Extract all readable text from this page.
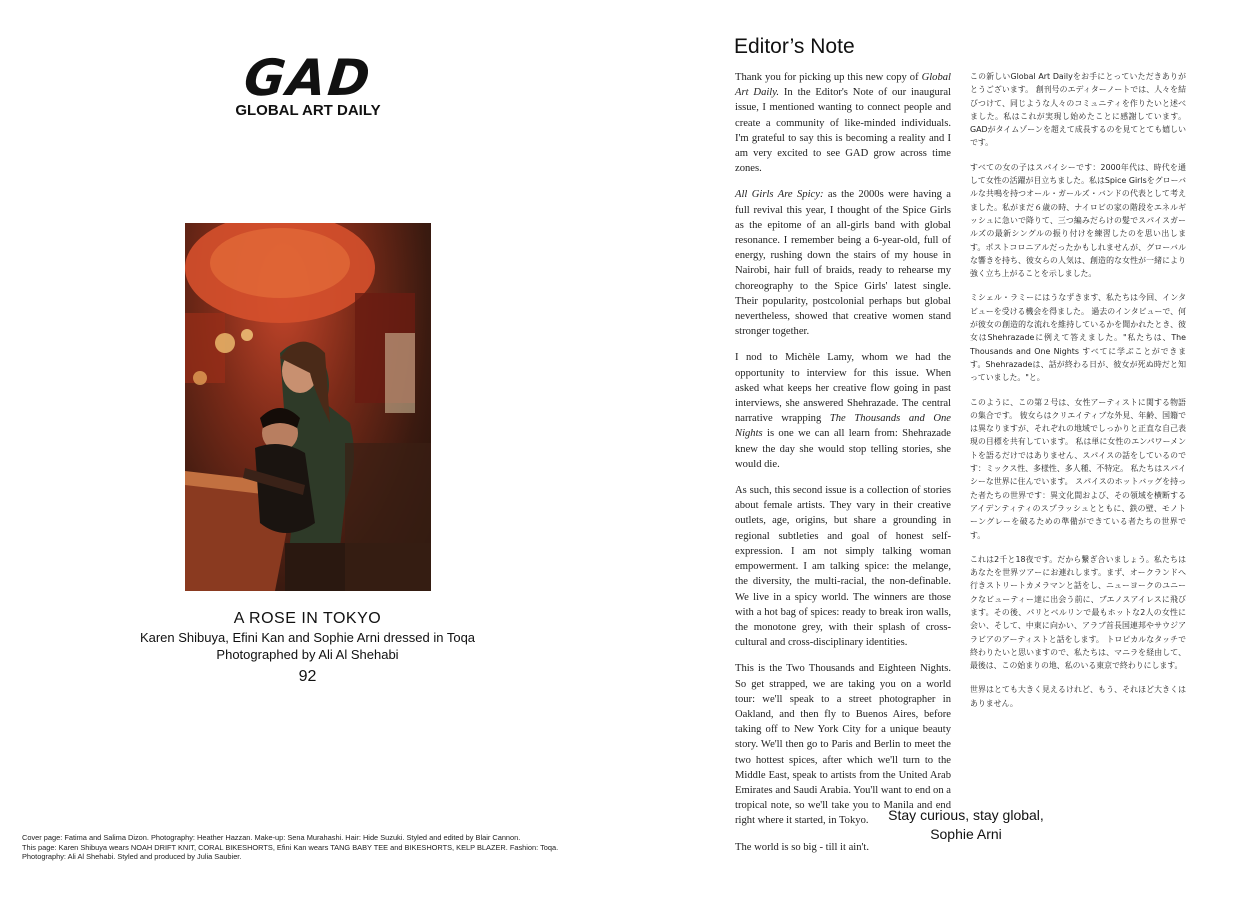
GAD
GLOBAL ART DAILY
A ROSE IN TOKYO
Karen Shibuya, Efini Kan and Sophie Arni dressed in Toqa
Photographed by Ali Al Shehabi
92
Cover page: Fatima and Salima Dizon. Photography: Heather Hazzan. Make-up: Sena Murahashi. Hair: Hide Suzuki. Styled and edited by Blair Cannon.
This page: Karen Shibuya wears NOAH DRIFT KNIT, CORAL BIKESHORTS, Efini Kan wears TANG BABY TEE and BIKESHORTS, KELP BLAZER. Fashion: Toqa. Photography: Ali Al Shehabi. Styled and produced by Julia Saubier.
Editor’s Note

Thank you for picking up this new copy of Global Art Daily. In the Editor's Note of our inaugural issue, I mentioned wanting to connect people and create a community of like-minded individuals. I'm grateful to say this is becoming a reality and I am very excited to see GAD grow across time zones.

All Girls Are Spicy: as the 2000s were having a full revival this year, I thought of the Spice Girls as the epitome of an all-girls band with global resonance. I remember being a 6-year-old, full of energy, rushing down the stairs of my house in Nairobi, hair full of braids, ready to rehearse my choreography to the Spice Girls' latest single. Their popularity, postcolonial perhaps but global nevertheless, showed that creative women stand stronger together.

I nod to Michèle Lamy, whom we had the opportunity to interview for this issue. When asked what keeps her creative flow going in past interviews, she answered Shehrazade. The central narrative wrapping The Thousands and One Nights is one we can all learn from: Shehrazade knew the day she would stop telling stories, she would die.

As such, this second issue is a collection of stories about female artists. They vary in their creative outlets, age, origins, but share a grounding in regional subtleties and goal of honest self-expression. I am not simply talking woman empowerment. I am talking spice: the melange, the diversity, the multi-racial, the non-definable. We live in a spicy world. The winners are those with a hot bag of spices: ready to break iron walls, the monotone grey, with their splash of cross-cultural and cross-disciplinary identities.

This is the Two Thousands and Eighteen Nights. So get strapped, we are taking you on a world tour: we'll speak to a street photographer in Oakland, and then fly to Buenos Aires, before taking off to New York City for a unique beauty story. We'll then go to Paris and Berlin to meet the two hottest spices, after which we'll turn to the Middle East, speak to artists from the United Arab Emirates and Saudi Arabia. You'll want to end on a tropical note, so we'll take you to Manila and end right where it started, in Tokyo.

The world is so big - till it ain't.

この新しいGlobal Art Dailyをお手にとっていただきありがとうございます。 創刊号のエディターノートでは、人々を結びつけて、同じような人々のコミュニティを作りたいと述べました。私はこれが実現し始めたことに感謝しています。GADがタイムゾーンを超えて成長するのを見てとても嬉しいです。

すべての女の子はスパイシーです：2000年代は、時代を通して女性の活躍が目立ちました。私はSpice Girlsをグローバルな共鳴を持つオール・ガールズ・バンドの代表として考えました。私がまだ６歳の時、ナイロビの家の階段をエネルギッシュに急いで降りて、三つ編みだらけの髪でスパイスガールズの最新シングルの振り付けを練習したのを思い出します。ポストコロニアルだったかもしれませんが、グローバルな響きを持ち、彼女らの人気は、創造的な女性が一緒により強く立ち上がることを示しました。

ミシェル・ラミーにはうなずきます、私たちは今回、インタビューを受ける機会を得ました。 過去のインタビューで、何が彼女の創造的な流れを維持しているかを聞かれたとき、彼女はShehrazadeに例えて答えました。"私たちは、The Thousands and One Nights すべてに学ぶことができます。Shehrazadeは、話が終わる日が、彼女が死ぬ時だと知っていました。"と。

このように、この第２号は、女性アーティストに関する物語の集合です。 彼女らはクリエイティブな外見、年齢、国籍では異なりますが、それぞれの地域でしっかりと正直な自己表現の目標を共有しています。 私は単に女性のエンパワーメントを語るだけではありません、スパイスの話をしているのです：ミックス性、多様性、多人種、不特定。 私たちはスパイシーな世界に住んでいます。 スパイスのホットバッグを持った者たちの世界です：異文化間および、その領域を横断するアイデンティティのスプラッシュとともに、鉄の壁、モノトーングレーを破るための準備ができている者たちの世界です。

これは2千と18夜です。だから繋ぎ合いましょう。私たちはあなたを世界ツアーにお連れします。まず、オークランドへ行きストリートカメラマンと話をし、ニューヨークのユニークなビューティー達に出会う前に、ブエノスアイレスに飛びます。その後、パリとベルリンで最もホットな2人の女性に会い、そして、中東に向かい、アラブ首長国連邦やサウジアラビアのアーティストと話をします。 トロピカルなタッチで終わりたいと思いますので、私たちは、マニラを経由して、最後は、この始まりの地、私のいる東京で終わりにします。

世界はとても大きく見えるけれど、もう、それほど大きくはありません。

Stay curious, stay global,
Sophie Arni
